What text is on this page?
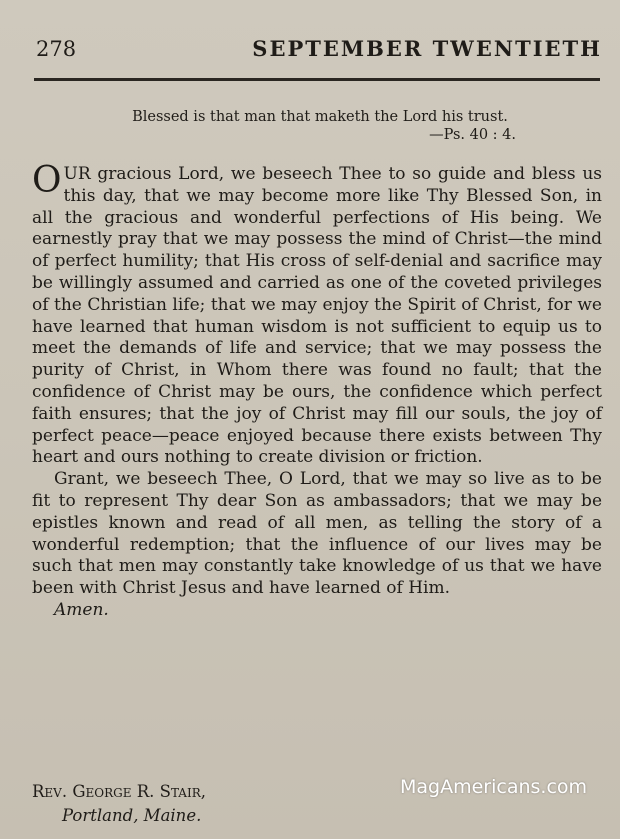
278	SEPTEMBER TWENTIETH
Blessed is that man that maketh the Lord his trust.
—Ps. 40 : 4.

OUR gracious Lord, we beseech Thee to so guide and bless us this day, that we may become more like Thy Blessed Son, in all the gracious and wonderful perfections of His being. We earnestly pray that we may possess the mind of Christ—the mind of perfect humility; that His cross of self-denial and sacrifice may be willingly assumed and carried as one of the coveted privileges of the Christian life; that we may enjoy the Spirit of Christ, for we have learned that human wisdom is not sufficient to equip us to meet the demands of life and service; that we may possess the purity of Christ, in Whom there was found no fault; that the confidence of Christ may be ours, the confidence which perfect faith ensures; that the joy of Christ may fill our souls, the joy of perfect peace—peace enjoyed because there exists between Thy heart and ours nothing to create division or friction.

Grant, we beseech Thee, O Lord, that we may so live as to be fit to represent Thy dear Son as ambassadors; that we may be epistles known and read of all men, as telling the story of a wonderful redemption; that the influence of our lives may be such that men may constantly take knowledge of us that we have been with Christ Jesus and have learned of Him.
Amen.

Rev. George R. Stair,
Portland, Maine.
MagAmericans.com
